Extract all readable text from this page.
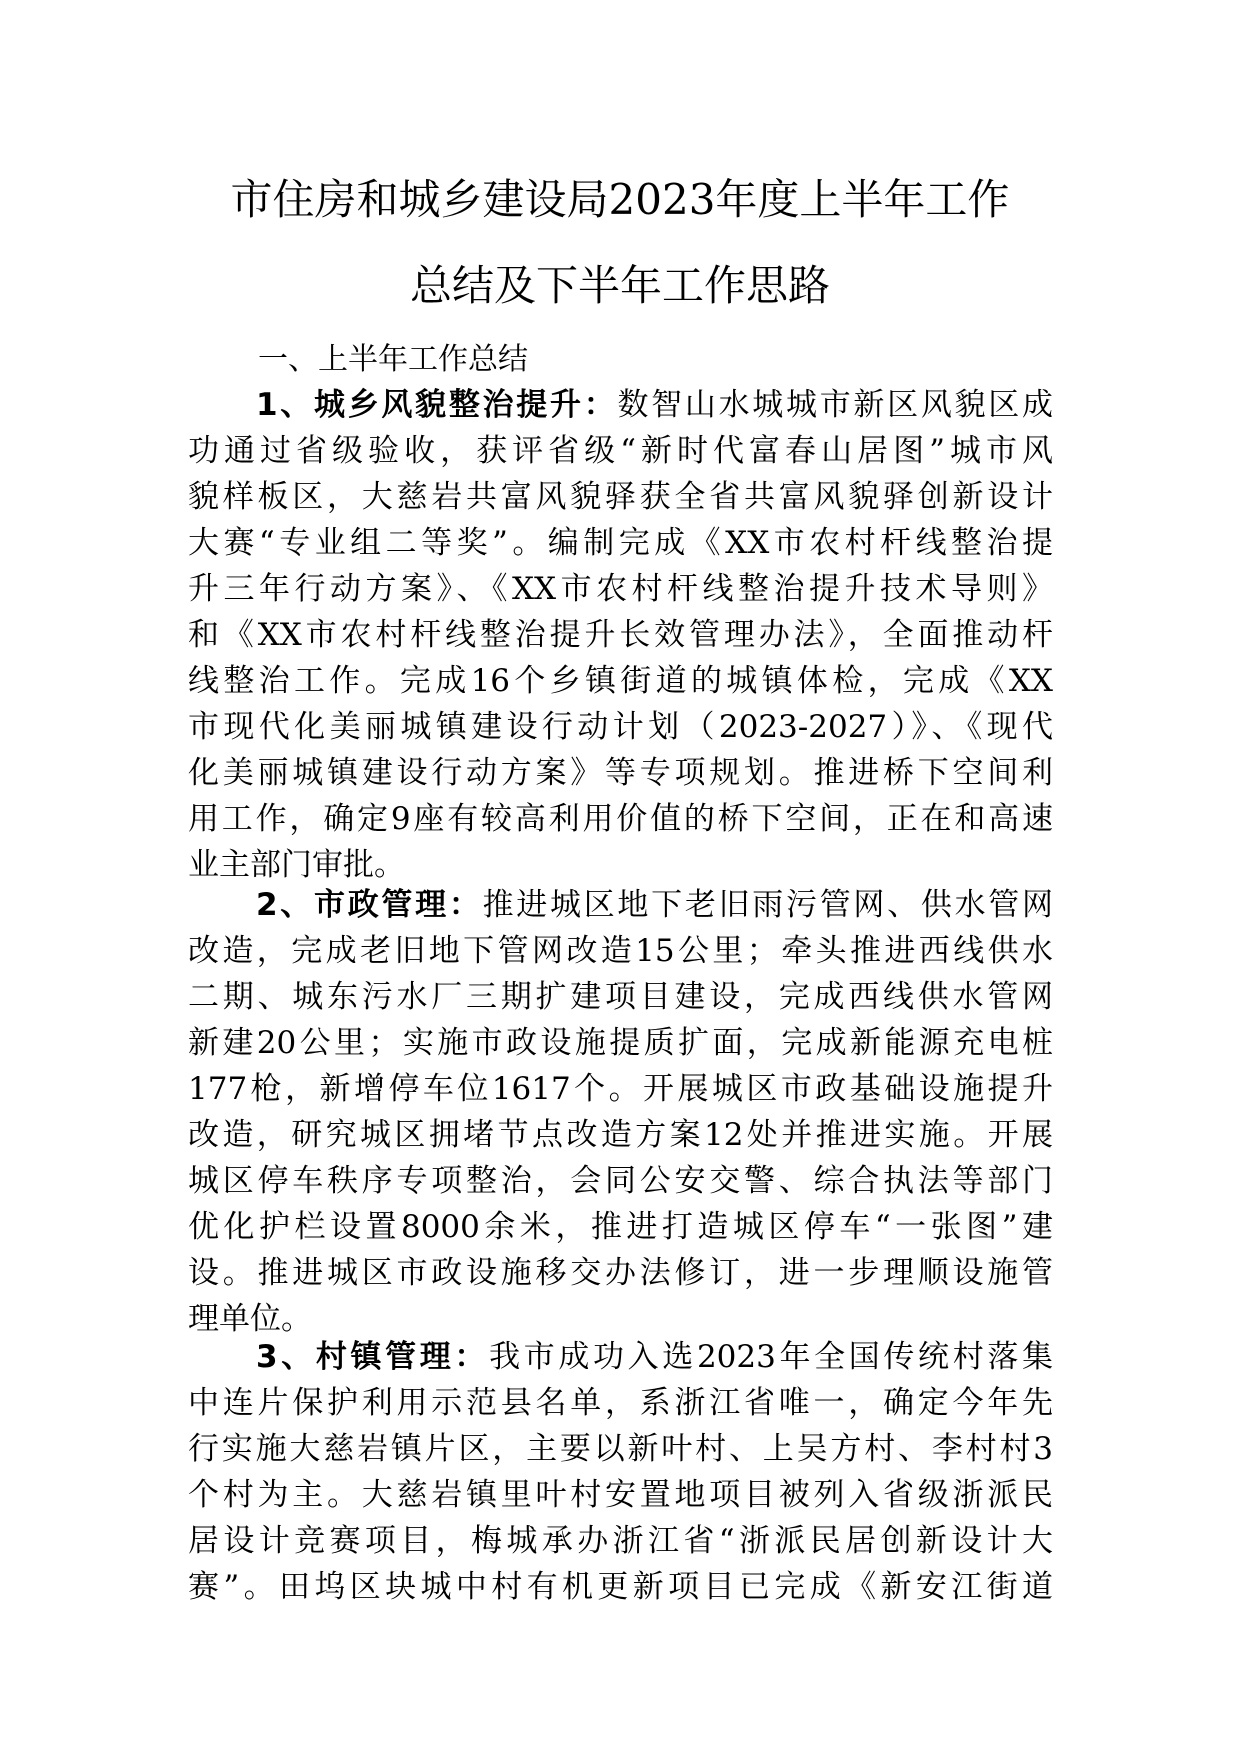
市住房和城乡建设局2023年度上半年工作
总结及下半年工作思路
一、上半年工作总结
1、城乡风貌整治提升：数智山水城城市新区风貌区成
功通过省级验收，获评省级“新时代富春山居图”城市风
貌样板区，大慈岩共富风貌驿获全省共富风貌驿创新设计
大赛“专业组二等奖”。编制完成《XX市农村杆线整治提
升三年行动方案》、《XX市农村杆线整治提升技术导则》
和《XX市农村杆线整治提升长效管理办法》，全面推动杆
线整治工作。完成16个乡镇街道的城镇体检，完成《XX
市现代化美丽城镇建设行动计划（2023-2027）》、《现代
化美丽城镇建设行动方案》等专项规划。推进桥下空间利
用工作，确定9座有较高利用价值的桥下空间，正在和高速
业主部门审批。
2、市政管理：推进城区地下老旧雨污管网、供水管网
改造，完成老旧地下管网改造15公里；牵头推进西线供水
二期、城东污水厂三期扩建项目建设，完成西线供水管网
新建20公里；实施市政设施提质扩面，完成新能源充电桩
177枪，新增停车位1617个。开展城区市政基础设施提升
改造，研究城区拥堵节点改造方案12处并推进实施。开展
城区停车秩序专项整治，会同公安交警、综合执法等部门
优化护栏设置8000余米，推进打造城区停车“一张图”建
设。推进城区市政设施移交办法修订，进一步理顺设施管
理单位。
3、村镇管理：我市成功入选2023年全国传统村落集
中连片保护利用示范县名单，系浙江省唯一，确定今年先
行实施大慈岩镇片区，主要以新叶村、上吴方村、李村村3
个村为主。大慈岩镇里叶村安置地项目被列入省级浙派民
居设计竞赛项目，梅城承办浙江省“浙派民居创新设计大
赛”。田坞区块城中村有机更新项目已完成《新安江街道
